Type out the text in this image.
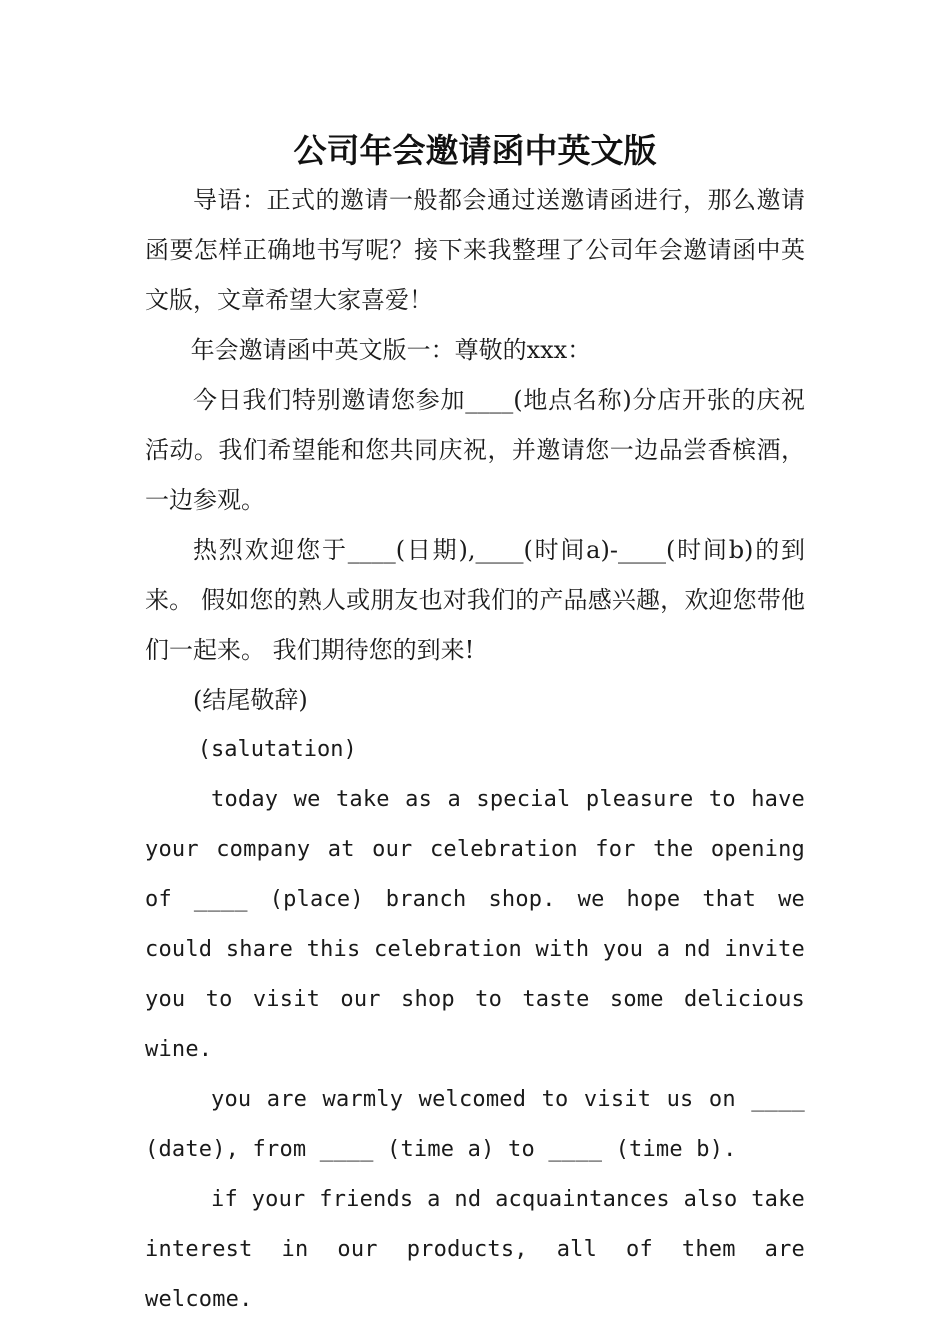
公司年会邀请函中英文版

导语：正式的邀请一般都会通过送邀请函进行，那么邀请函要怎样正确地书写呢？接下来我整理了公司年会邀请函中英文版，文章希望大家喜爱！

年会邀请函中英文版一：尊敬的xxx：

今日我们特别邀请您参加____(地点名称)分店开张的庆祝活动。我们希望能和您共同庆祝，并邀请您一边品尝香槟酒，一边参观。

热烈欢迎您于____(日期),____(时间a)-____(时间b)的到来。 假如您的熟人或朋友也对我们的产品感兴趣，欢迎您带他们一起来。 我们期待您的到来!

(结尾敬辞)

(salutation)

today we take as a special pleasure to have your company at our celebration for the opening of ____ (place) branch shop. we hope that we could share this celebration with you a nd invite you to visit our shop to taste some delicious wine.

you are warmly welcomed to visit us on ____ (date), from ____ (time a) to ____ (time b).

if your friends a nd acquaintances also take interest in our products, all of them are welcome.
